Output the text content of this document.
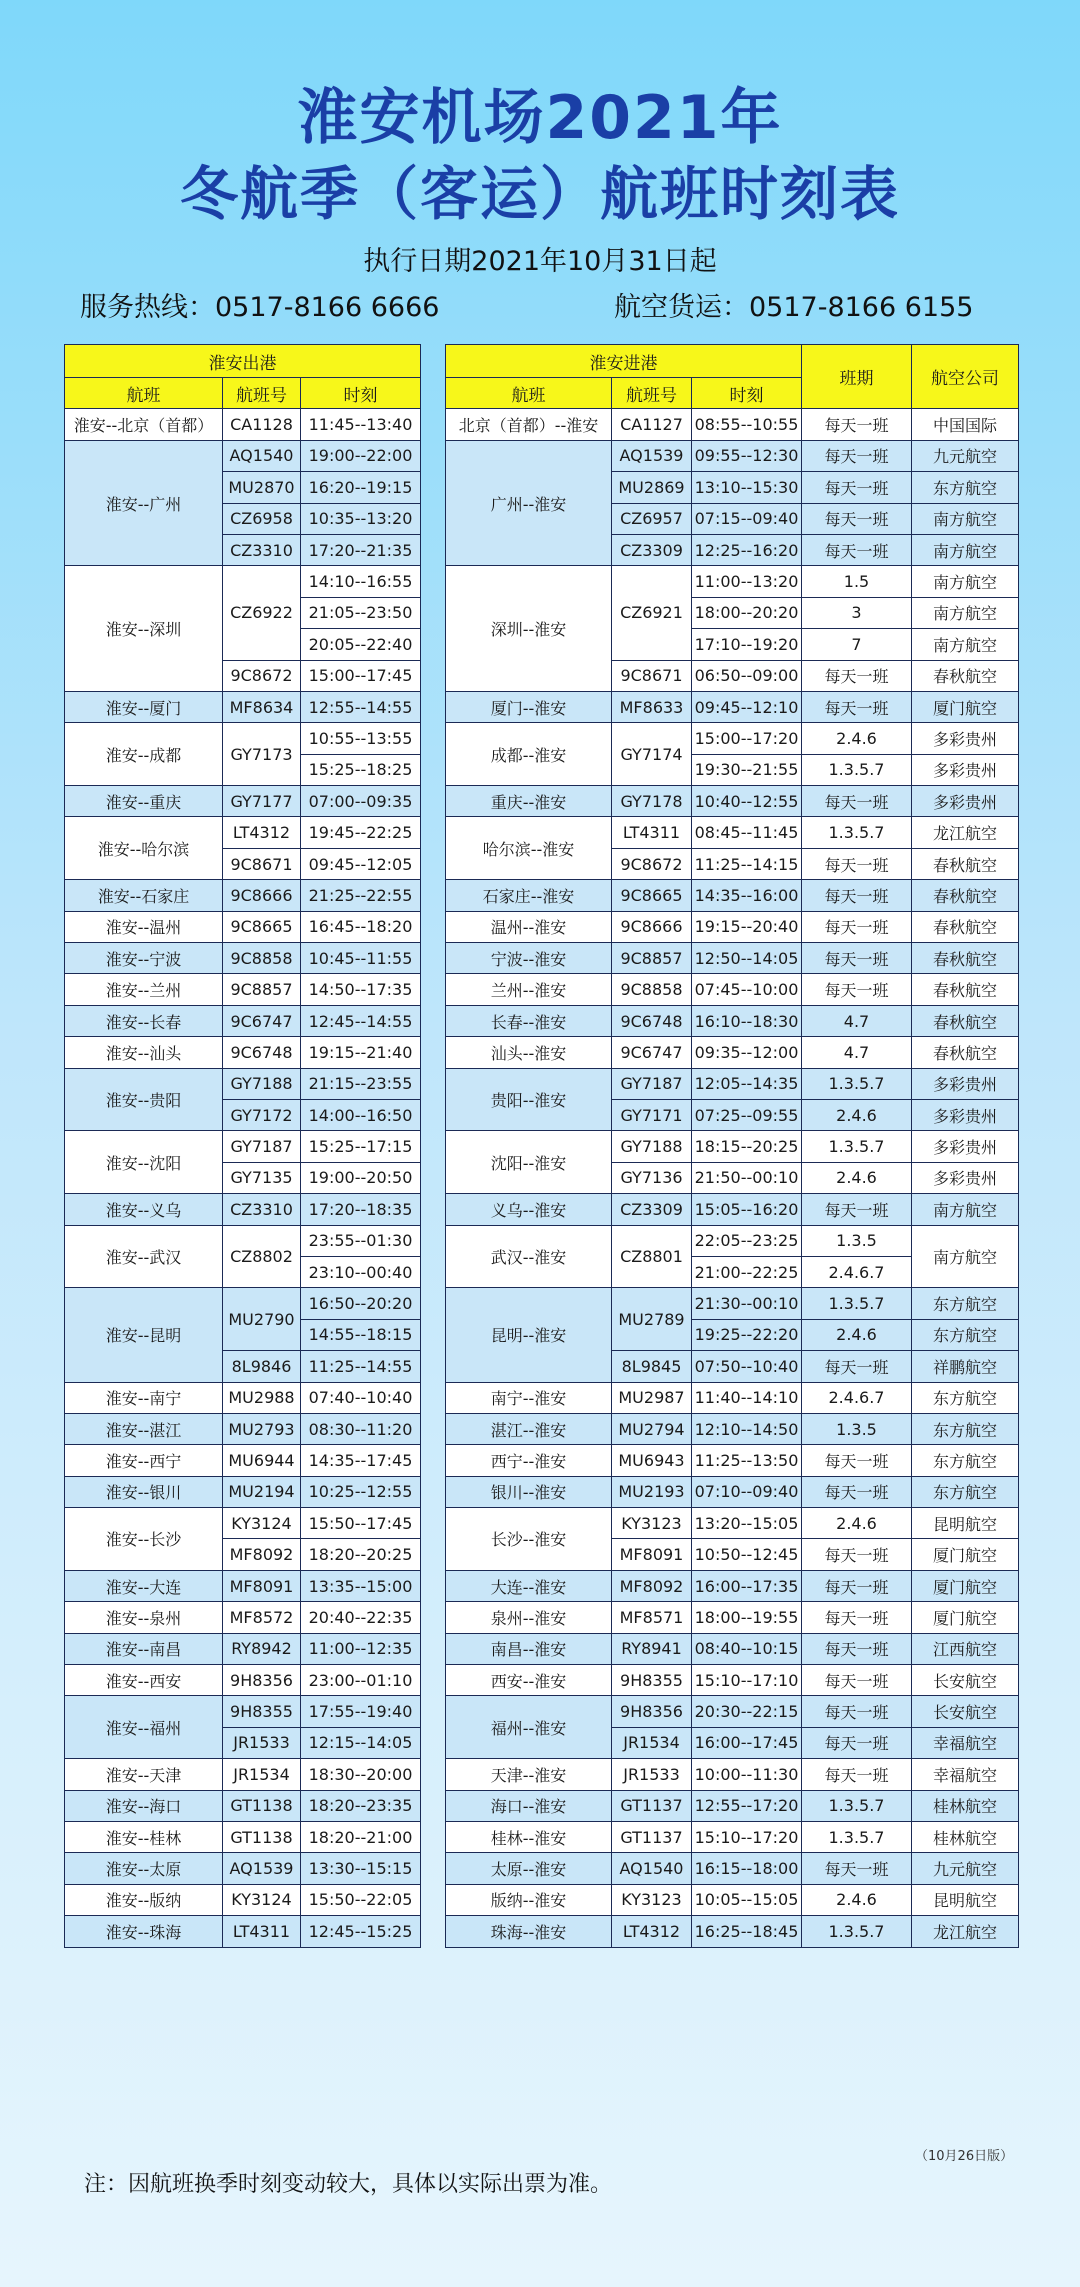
淮安机场2021年
冬航季（客运）航班时刻表
执行日期2021年10月31日起
服务热线：0517-8166 6666	航空货运：0517-8166 6155
淮安出港		
航班	航班号	时刻
淮安--北京（首都）	CA1128	11:45--13:40
淮安--广州	AQ1540	19:00--22:00
	MU2870	16:20--19:15
	CZ6958	10:35--13:20
	CZ3310	17:20--21:35
淮安--深圳	CZ6922	14:10--16:55
		21:05--23:50
		20:05--22:40
	9C8672	15:00--17:45
淮安--厦门	MF8634	12:55--14:55
淮安--成都	GY7173	10:55--13:55
		15:25--18:25
淮安--重庆	GY7177	07:00--09:35
淮安--哈尔滨	LT4312	19:45--22:25
	9C8671	09:45--12:05
淮安--石家庄	9C8666	21:25--22:55
淮安--温州	9C8665	16:45--18:20
淮安--宁波	9C8858	10:45--11:55
淮安--兰州	9C8857	14:50--17:35
淮安--长春	9C6747	12:45--14:55
淮安--汕头	9C6748	19:15--21:40
淮安--贵阳	GY7188	21:15--23:55
	GY7172	14:00--16:50
淮安--沈阳	GY7187	15:25--17:15
	GY7135	19:00--20:50
淮安--义乌	CZ3310	17:20--18:35
淮安--武汉	CZ8802	23:55--01:30
		23:10--00:40
淮安--昆明	MU2790	16:50--20:20
		14:55--18:15
	8L9846	11:25--14:55
淮安--南宁	MU2988	07:40--10:40
淮安--湛江	MU2793	08:30--11:20
淮安--西宁	MU6944	14:35--17:45
淮安--银川	MU2194	10:25--12:55
淮安--长沙	KY3124	15:50--17:45
	MF8092	18:20--20:25
淮安--大连	MF8091	13:35--15:00
淮安--泉州	MF8572	20:40--22:35
淮安--南昌	RY8942	11:00--12:35
淮安--西安	9H8356	23:00--01:10
淮安--福州	9H8355	17:55--19:40
	JR1533	12:15--14:05
淮安--天津	JR1534	18:30--20:00
淮安--海口	GT1138	18:20--23:35
淮安--桂林	GT1138	18:20--21:00
淮安--太原	AQ1539	13:30--15:15
淮安--版纳	KY3124	15:50--22:05
淮安--珠海	LT4311	12:45--15:25
淮安进港			班期	航空公司
航班	航班号	时刻		
北京（首都）--淮安	CA1127	08:55--10:55	每天一班	中国国际
广州--淮安	AQ1539	09:55--12:30	每天一班	九元航空
	MU2869	13:10--15:30	每天一班	东方航空
	CZ6957	07:15--09:40	每天一班	南方航空
	CZ3309	12:25--16:20	每天一班	南方航空
深圳--淮安	CZ6921	11:00--13:20	1.5	南方航空
		18:00--20:20	3	南方航空
		17:10--19:20	7	南方航空
	9C8671	06:50--09:00	每天一班	春秋航空
厦门--淮安	MF8633	09:45--12:10	每天一班	厦门航空
成都--淮安	GY7174	15:00--17:20	2.4.6	多彩贵州
		19:30--21:55	1.3.5.7	多彩贵州
重庆--淮安	GY7178	10:40--12:55	每天一班	多彩贵州
哈尔滨--淮安	LT4311	08:45--11:45	1.3.5.7	龙江航空
	9C8672	11:25--14:15	每天一班	春秋航空
石家庄--淮安	9C8665	14:35--16:00	每天一班	春秋航空
温州--淮安	9C8666	19:15--20:40	每天一班	春秋航空
宁波--淮安	9C8857	12:50--14:05	每天一班	春秋航空
兰州--淮安	9C8858	07:45--10:00	每天一班	春秋航空
长春--淮安	9C6748	16:10--18:30	4.7	春秋航空
汕头--淮安	9C6747	09:35--12:00	4.7	春秋航空
贵阳--淮安	GY7187	12:05--14:35	1.3.5.7	多彩贵州
	GY7171	07:25--09:55	2.4.6	多彩贵州
沈阳--淮安	GY7188	18:15--20:25	1.3.5.7	多彩贵州
	GY7136	21:50--00:10	2.4.6	多彩贵州
义乌--淮安	CZ3309	15:05--16:20	每天一班	南方航空
武汉--淮安	CZ8801	22:05--23:25	1.3.5	南方航空
		21:00--22:25	2.4.6.7	
昆明--淮安	MU2789	21:30--00:10	1.3.5.7	东方航空
		19:25--22:20	2.4.6	东方航空
	8L9845	07:50--10:40	每天一班	祥鹏航空
南宁--淮安	MU2987	11:40--14:10	2.4.6.7	东方航空
湛江--淮安	MU2794	12:10--14:50	1.3.5	东方航空
西宁--淮安	MU6943	11:25--13:50	每天一班	东方航空
银川--淮安	MU2193	07:10--09:40	每天一班	东方航空
长沙--淮安	KY3123	13:20--15:05	2.4.6	昆明航空
	MF8091	10:50--12:45	每天一班	厦门航空
大连--淮安	MF8092	16:00--17:35	每天一班	厦门航空
泉州--淮安	MF8571	18:00--19:55	每天一班	厦门航空
南昌--淮安	RY8941	08:40--10:15	每天一班	江西航空
西安--淮安	9H8355	15:10--17:10	每天一班	长安航空
福州--淮安	9H8356	20:30--22:15	每天一班	长安航空
	JR1534	16:00--17:45	每天一班	幸福航空
天津--淮安	JR1533	10:00--11:30	每天一班	幸福航空
海口--淮安	GT1137	12:55--17:20	1.3.5.7	桂林航空
桂林--淮安	GT1137	15:10--17:20	1.3.5.7	桂林航空
太原--淮安	AQ1540	16:15--18:00	每天一班	九元航空
版纳--淮安	KY3123	10:05--15:05	2.4.6	昆明航空
珠海--淮安	LT4312	16:25--18:45	1.3.5.7	龙江航空
注：因航班换季时刻变动较大，具体以实际出票为准。
（10月26日版）
